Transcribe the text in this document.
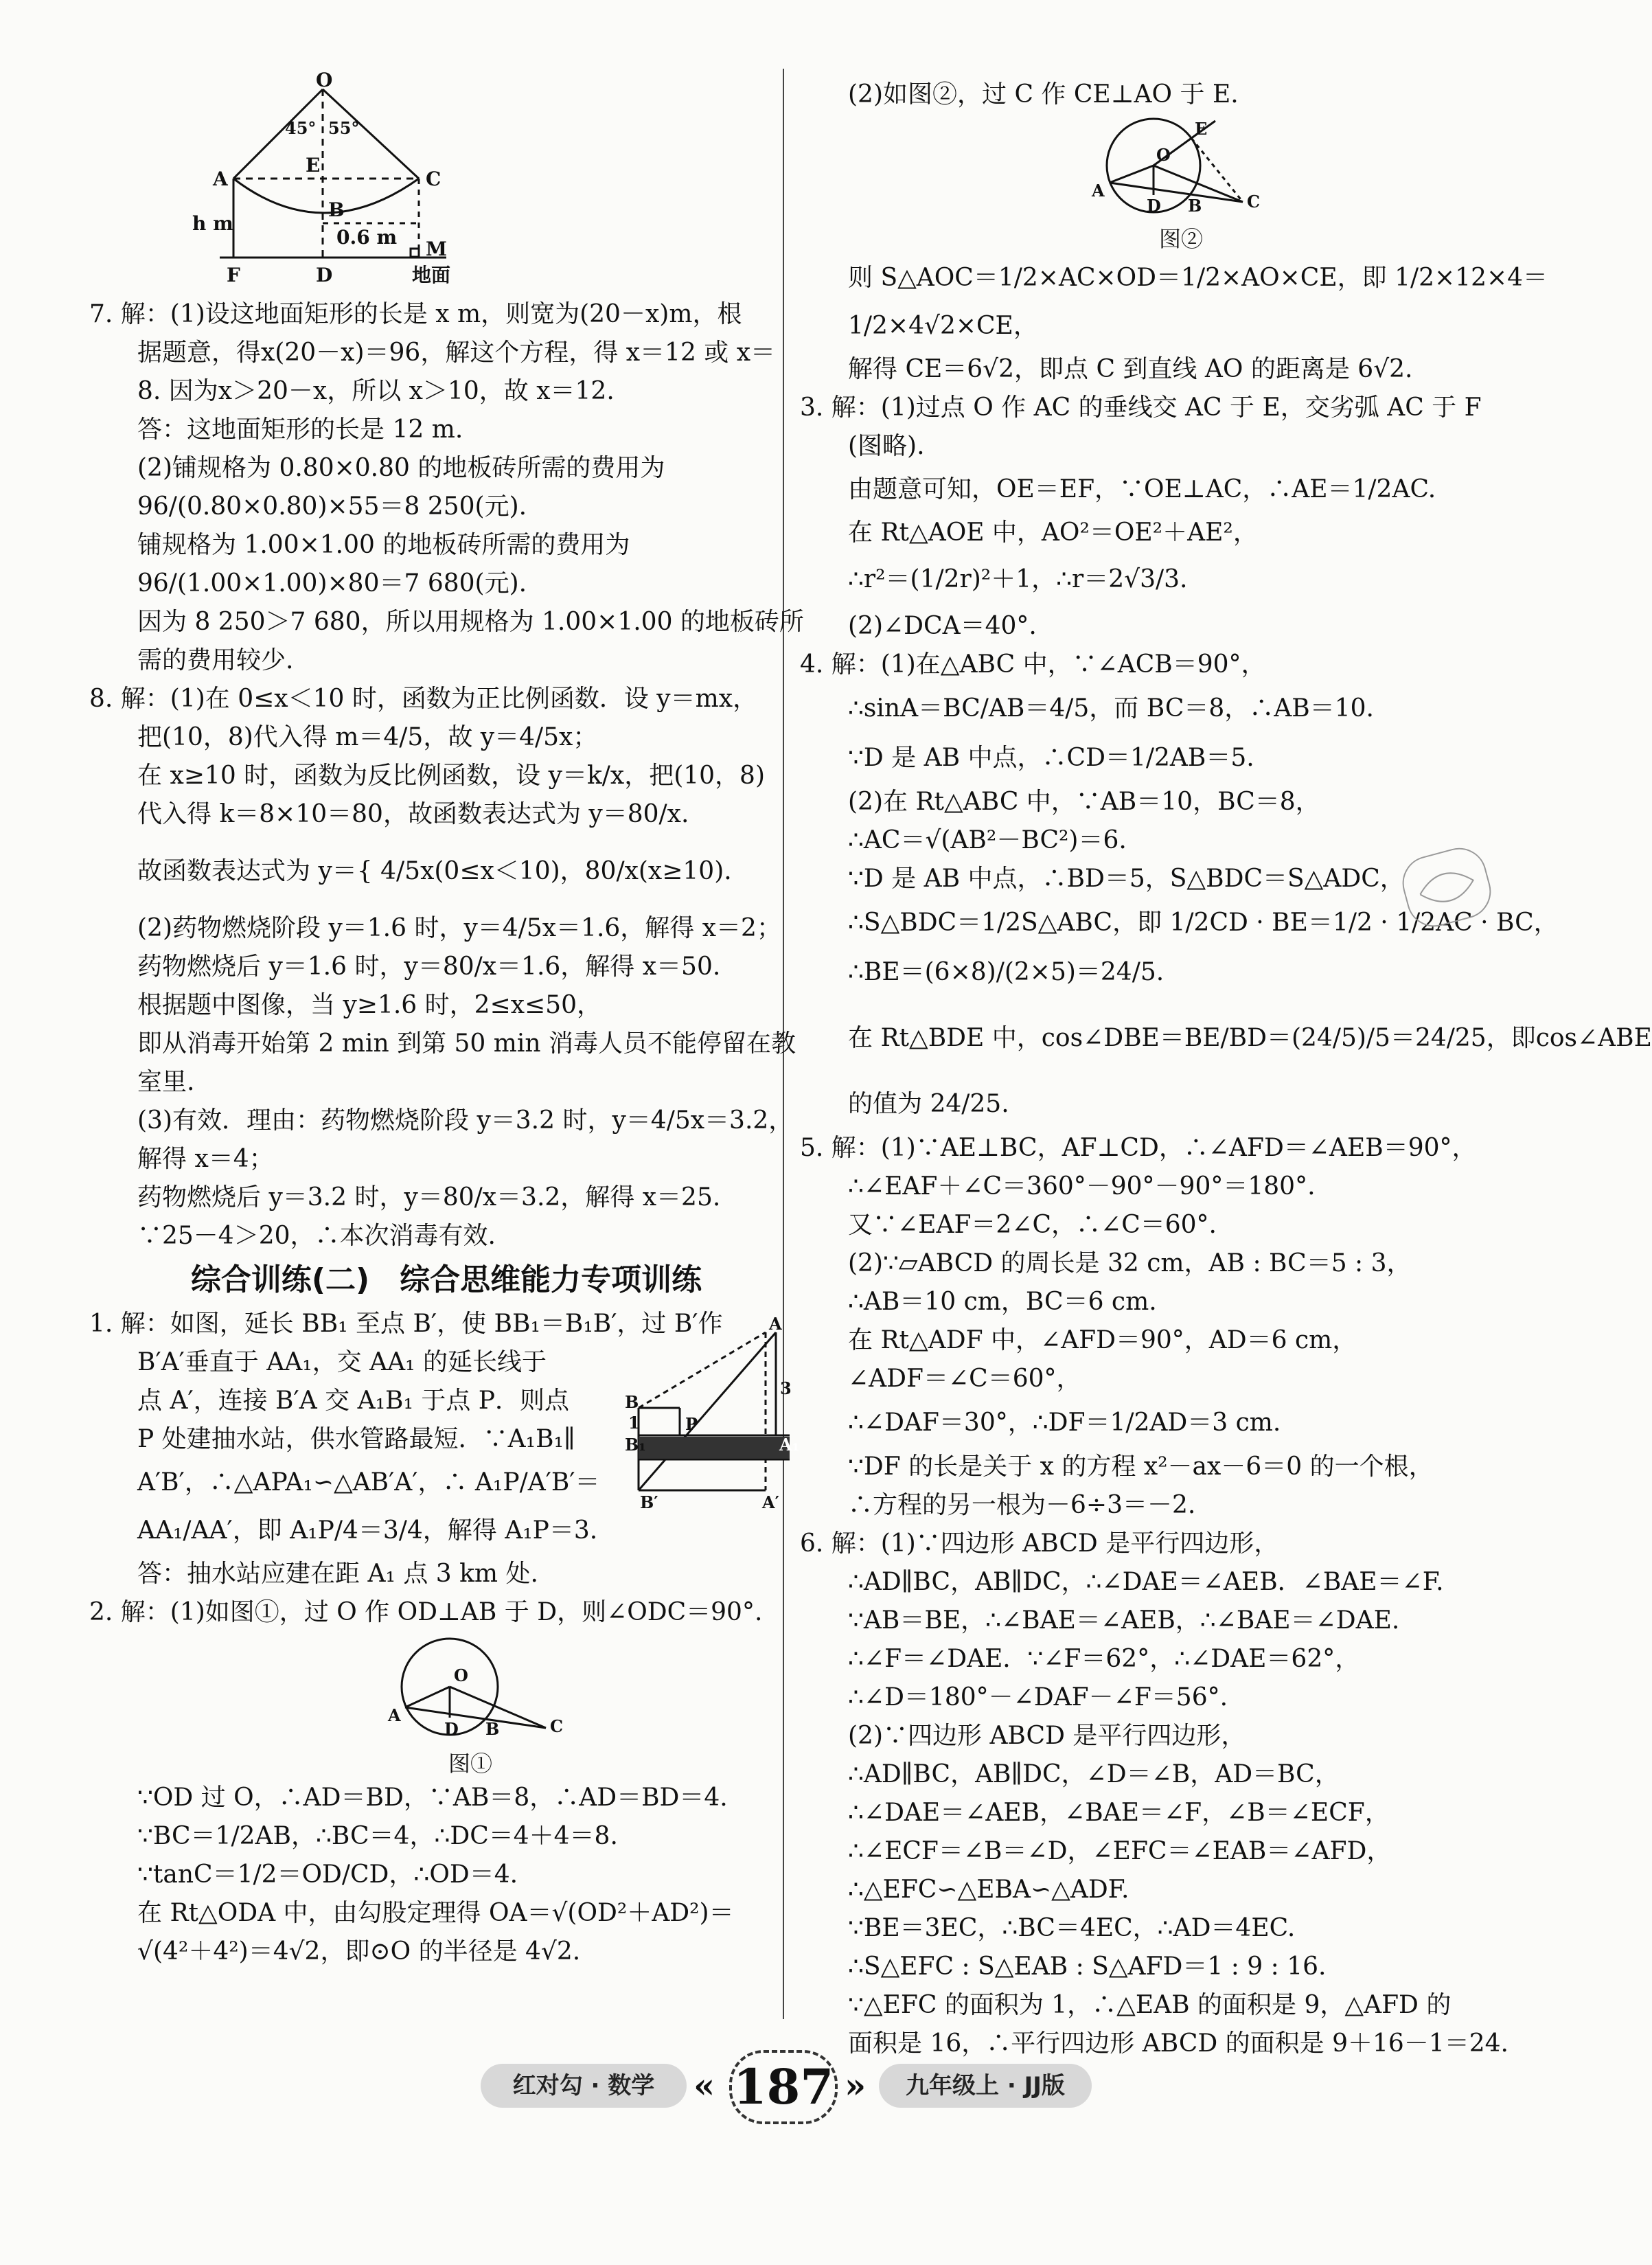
O
45° 55°
A
E
C
B
h m
0.6 m
F	D
M
地面

7. 解：(1)设这地面矩形的长是 x m，则宽为(20－x)m，根

据题意，得x(20－x)＝96，解这个方程，得 x＝12 或 x＝

8. 因为x＞20－x，所以 x＞10，故 x＝12.

答：这地面矩形的长是 12 m.

(2)铺规格为 0.80×0.80 的地板砖所需的费用为

96/(0.80×0.80)×55＝8 250(元).

铺规格为 1.00×1.00 的地板砖所需的费用为

96/(1.00×1.00)×80＝7 680(元).

因为 8 250＞7 680，所以用规格为 1.00×1.00 的地板砖所

需的费用较少.

8. 解：(1)在 0≤x＜10 时，函数为正比例函数．设 y＝mx，

把(10，8)代入得 m＝4/5，故 y＝4/5x；

在 x≥10 时，函数为反比例函数，设 y＝k/x，把(10，8)

代入得 k＝8×10＝80，故函数表达式为 y＝80/x.

故函数表达式为 y＝{ 4/5x(0≤x＜10)，80/x(x≥10).

(2)药物燃烧阶段 y＝1.6 时，y＝4/5x＝1.6，解得 x＝2；

药物燃烧后 y＝1.6 时，y＝80/x＝1.6，解得 x＝50.

根据题中图像，当 y≥1.6 时，2≤x≤50，

即从消毒开始第 2 min 到第 50 min 消毒人员不能停留在教

室里.

(3)有效．理由：药物燃烧阶段 y＝3.2 时，y＝4/5x＝3.2，

解得 x＝4；

药物燃烧后 y＝3.2 时，y＝80/x＝3.2，解得 x＝25.

∵25－4＞20，∴本次消毒有效.

综合训练(二)　综合思维能力专项训练
A
B
B₁	A₁
P
B′	A′
1
3

1. 解：如图，延长 BB₁ 至点 B′，使 BB₁＝B₁B′，过 B′作

B′A′垂直于 AA₁，交 AA₁ 的延长线于

点 A′，连接 B′A 交 A₁B₁ 于点 P．则点

P 处建抽水站，供水管路最短．∵A₁B₁∥

A′B′，∴△APA₁∽△AB′A′，∴ A₁P/A′B′＝

AA₁/AA′，即 A₁P/4＝3/4，解得 A₁P＝3.

答：抽水站应建在距 A₁ 点 3 km 处.

2. 解：(1)如图①，过 O 作 OD⊥AB 于 D，则∠ODC＝90°.

O
A
D B	C
图①

∵OD 过 O，∴AD＝BD，∵AB＝8，∴AD＝BD＝4.

∵BC＝1/2AB，∴BC＝4，∴DC＝4＋4＝8.

∵tanC＝1/2＝OD/CD，∴OD＝4.

在 Rt△ODA 中，由勾股定理得 OA＝√(OD²＋AD²)＝

√(4²＋4²)＝4√2，即⊙O 的半径是 4√2.

(2)如图②，过 C 作 CE⊥AO 于 E.

O
E
A
D B	C
图②

则 S△AOC＝1/2×AC×OD＝1/2×AO×CE，即 1/2×12×4＝

1/2×4√2×CE，

解得 CE＝6√2，即点 C 到直线 AO 的距离是 6√2.

3. 解：(1)过点 O 作 AC 的垂线交 AC 于 E，交劣弧 AC 于 F

(图略).

由题意可知，OE＝EF，∵OE⊥AC，∴AE＝1/2AC.

在 Rt△AOE 中，AO²＝OE²＋AE²，

∴r²＝(1/2r)²＋1，∴r＝2√3/3.

(2)∠DCA＝40°.

4. 解：(1)在△ABC 中，∵∠ACB＝90°，

∴sinA＝BC/AB＝4/5，而 BC＝8，∴AB＝10.

∵D 是 AB 中点，∴CD＝1/2AB＝5.

(2)在 Rt△ABC 中，∵AB＝10，BC＝8，

∴AC＝√(AB²－BC²)＝6.

∵D 是 AB 中点，∴BD＝5，S△BDC＝S△ADC，

∴S△BDC＝1/2S△ABC，即 1/2CD · BE＝1/2 · 1/2AC · BC，

∴BE＝(6×8)/(2×5)＝24/5.

在 Rt△BDE 中，cos∠DBE＝BE/BD＝(24/5)/5＝24/25，即cos∠ABE

的值为 24/25.

5. 解：(1)∵AE⊥BC，AF⊥CD，∴∠AFD＝∠AEB＝90°，

∴∠EAF＋∠C＝360°－90°－90°＝180°.

又∵∠EAF＝2∠C，∴∠C＝60°.

(2)∵▱ABCD 的周长是 32 cm，AB : BC＝5 : 3，

∴AB＝10 cm，BC＝6 cm.

在 Rt△ADF 中，∠AFD＝90°，AD＝6 cm，

∠ADF＝∠C＝60°，

∴∠DAF＝30°，∴DF＝1/2AD＝3 cm.

∵DF 的长是关于 x 的方程 x²－ax－6＝0 的一个根，

∴方程的另一根为－6÷3＝－2.

6. 解：(1)∵四边形 ABCD 是平行四边形，

∴AD∥BC，AB∥DC，∴∠DAE＝∠AEB．∠BAE＝∠F.

∵AB＝BE，∴∠BAE＝∠AEB，∴∠BAE＝∠DAE.

∴∠F＝∠DAE．∵∠F＝62°，∴∠DAE＝62°，

∴∠D＝180°－∠DAF－∠F＝56°.

(2)∵四边形 ABCD 是平行四边形，

∴AD∥BC，AB∥DC，∠D＝∠B，AD＝BC，

∴∠DAE＝∠AEB，∠BAE＝∠F，∠B＝∠ECF，

∴∠ECF＝∠B＝∠D，∠EFC＝∠EAB＝∠AFD，

∴△EFC∽△EBA∽△ADF.

∵BE＝3EC，∴BC＝4EC，∴AD＝4EC.

∴S△EFC : S△EAB : S△AFD＝1 : 9 : 16.

∵△EFC 的面积为 1，∴△EAB 的面积是 9，△AFD 的

面积是 16，∴平行四边形 ABCD 的面积是 9＋16－1＝24.

红对勾 · 数学	« 187 »	九年级上 · JJ版
